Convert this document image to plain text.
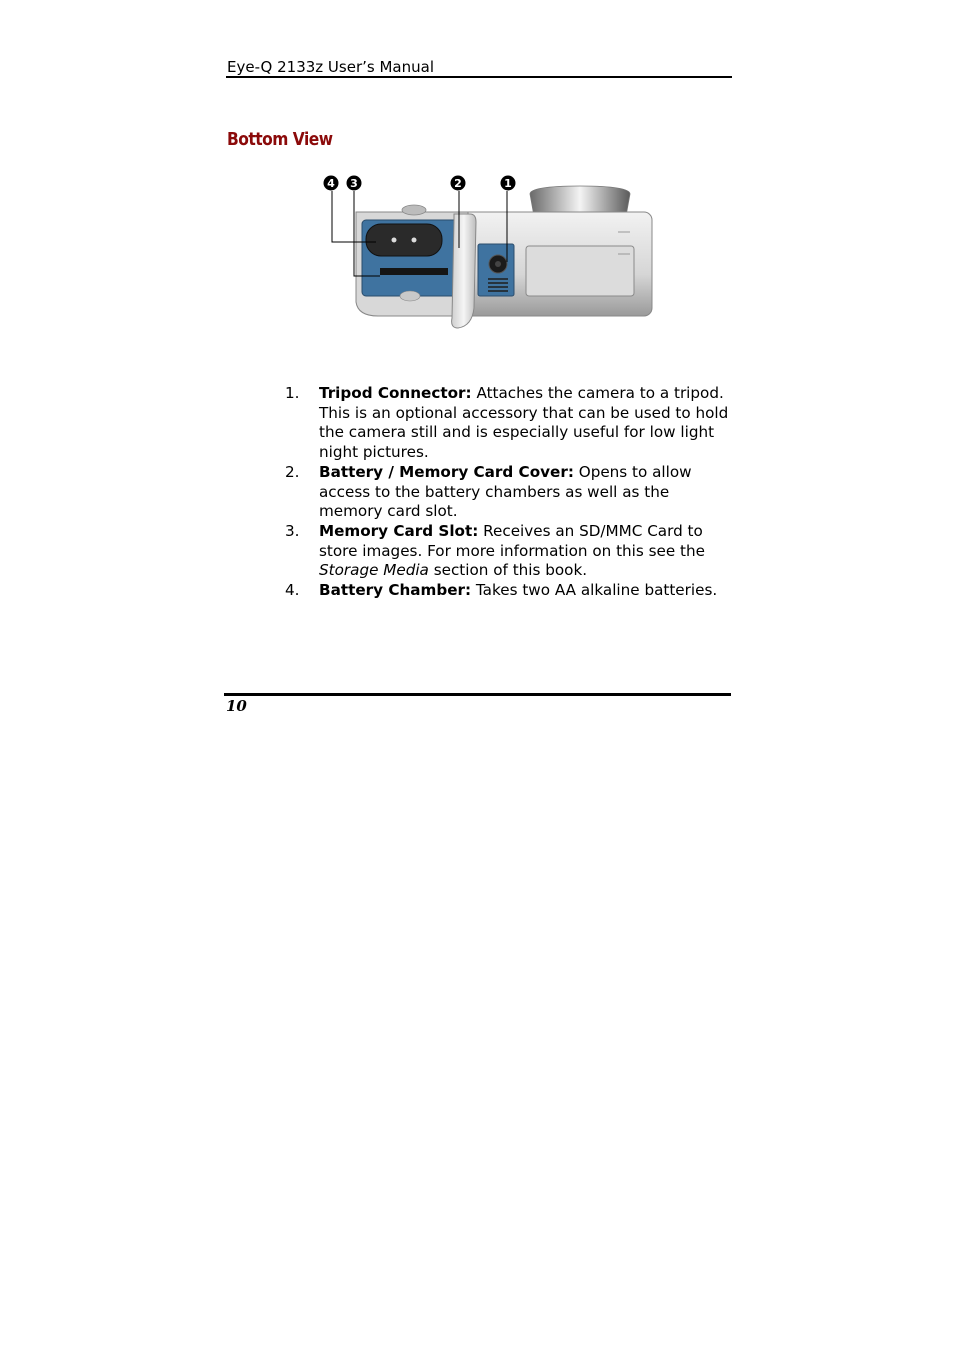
Eye-Q 2133z User’s Manual
Bottom View
4 3	2	1
1. Tripod Connector: Attaches the camera to a tripod. This is an optional accessory that can be used to hold the camera still and is especially useful for low light night pictures.
2. Battery / Memory Card Cover: Opens to allow access to the battery chambers as well as the memory card slot.
3. Memory Card Slot: Receives an SD/MMC Card to store images. For more information on this see the Storage Media section of this book.
4. Battery Chamber: Takes two AA alkaline batteries.
10
